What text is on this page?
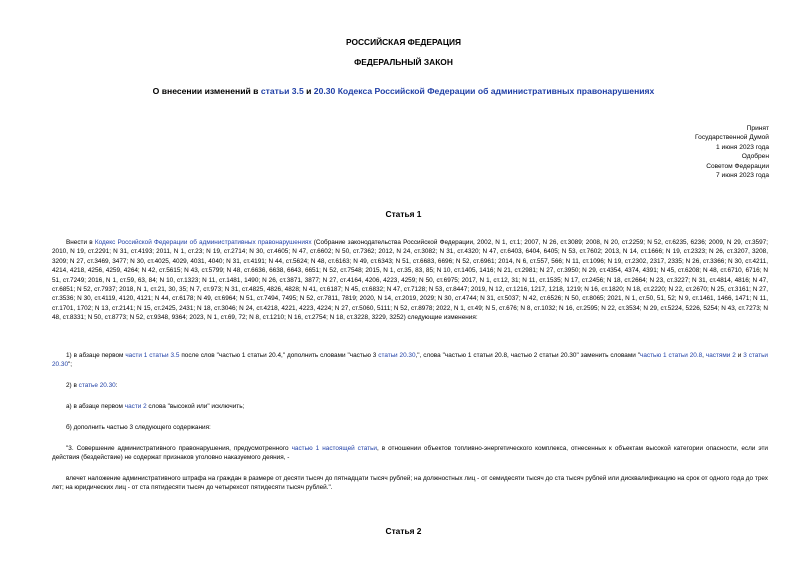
РОССИЙСКАЯ ФЕДЕРАЦИЯ
ФЕДЕРАЛЬНЫЙ ЗАКОН
О внесении изменений в статьи 3.5 и 20.30 Кодекса Российской Федерации об административных правонарушениях
Принят
Государственной Думой
1 июня 2023 года
Одобрен
Советом Федерации
7 июня 2023 года
Статья 1
Внести в Кодекс Российской Федерации об административных правонарушениях (Собрание законодательства Российской Федерации, 2002, N 1, ст.1; 2007, N 26, ст.3089; 2008, N 20, ст.2259; N 52, ст.6235, 6236; 2009, N 29, ст.3597; 2010, N 19, ст.2291; N 31, ст.4193; 2011, N 1, ст.23; N 19, ст.2714; N 30, ст.4605; N 47, ст.6602; N 50, ст.7362; 2012, N 24, ст.3082; N 31, ст.4320; N 47, ст.6403, 6404, 6405; N 53, ст.7602; 2013, N 14, ст.1666; N 19, ст.2323; N 26, ст.3207, 3208, 3209; N 27, ст.3469, 3477; N 30, ст.4025, 4029, 4031, 4040; N 31, ст.4191; N 44, ст.5624; N 48, ст.6163; N 49, ст.6343; N 51, ст.6683, 6696; N 52, ст.6961; 2014, N 6, ст.557, 566; N 11, ст.1096; N 19, ст.2302, 2317, 2335; N 26, ст.3366; N 30, ст.4211, 4214, 4218, 4256, 4259, 4264; N 42, ст.5615; N 43, ст.5799; N 48, ст.6636, 6638, 6643, 6651; N 52, ст.7548; 2015, N 1, ст.35, 83, 85; N 10, ст.1405, 1416; N 21, ст.2981; N 27, ст.3950; N 29, ст.4354, 4374, 4391; N 45, ст.6208; N 48, ст.6710, 6716; N 51, ст.7249; 2016, N 1, ст.59, 63, 84; N 10, ст.1323; N 11, ст.1481, 1490; N 26, ст.3871, 3877; N 27, ст.4164, 4206, 4223, 4259; N 50, ст.6975; 2017, N 1, ст.12, 31; N 11, ст.1535; N 17, ст.2456; N 18, ст.2664; N 23, ст.3227; N 31, ст.4814, 4816; N 47, ст.6851; N 52, ст.7937; 2018, N 1, ст.21, 30, 35; N 7, ст.973; N 31, ст.4825, 4826, 4828; N 41, ст.6187; N 45, ст.6832; N 47, ст.7128; N 53, ст.8447; 2019, N 12, ст.1216, 1217, 1218, 1219; N 16, ст.1820; N 18, ст.2220; N 22, ст.2670; N 25, ст.3161; N 27, ст.3536; N 30, ст.4119, 4120, 4121; N 44, ст.6178; N 49, ст.6964; N 51, ст.7494, 7495; N 52, ст.7811, 7819; 2020, N 14, ст.2019, 2029; N 30, ст.4744; N 31, ст.5037; N 42, ст.6526; N 50, ст.8065; 2021, N 1, ст.50, 51, 52; N 9, ст.1461, 1466, 1471; N 11, ст.1701, 1702; N 13, ст.2141; N 15, ст.2425, 2431; N 18, ст.3046; N 24, ст.4218, 4221, 4223, 4224; N 27, ст.5060, 5111; N 52, ст.8978; 2022, N 1, ст.49; N 5, ст.676; N 8, ст.1032; N 16, ст.2595; N 22, ст.3534; N 29, ст.5224, 5226, 5254; N 43, ст.7273; N 48, ст.8331; N 50, ст.8773; N 52, ст.9348, 9364; 2023, N 1, ст.69, 72; N 8, ст.1210; N 16, ст.2754; N 18, ст.3228, 3229, 3252) следующие изменения:
1) в абзаце первом части 1 статьи 3.5 после слов "частью 1 статьи 20.4," дополнить словами "частью 3 статьи 20.30,", слова "частью 1 статьи 20.8, частью 2 статьи 20.30" заменить словами "частью 1 статьи 20.8, частями 2 и 3 статьи 20.30";
2) в статье 20.30:
а) в абзаце первом части 2 слова "высокой или" исключить;
б) дополнить частью 3 следующего содержания:
"3. Совершение административного правонарушения, предусмотренного частью 1 настоящей статьи, в отношении объектов топливно-энергетического комплекса, отнесенных к объектам высокой категории опасности, если эти действия (бездействие) не содержат признаков уголовно наказуемого деяния, -
влечет наложение административного штрафа на граждан в размере от десяти тысяч до пятнадцати тысяч рублей; на должностных лиц - от семидесяти тысяч до ста тысяч рублей или дисквалификацию на срок от одного года до трех лет; на юридических лиц - от ста пятидесяти тысяч до четырехсот пятидесяти тысяч рублей.".
Статья 2
